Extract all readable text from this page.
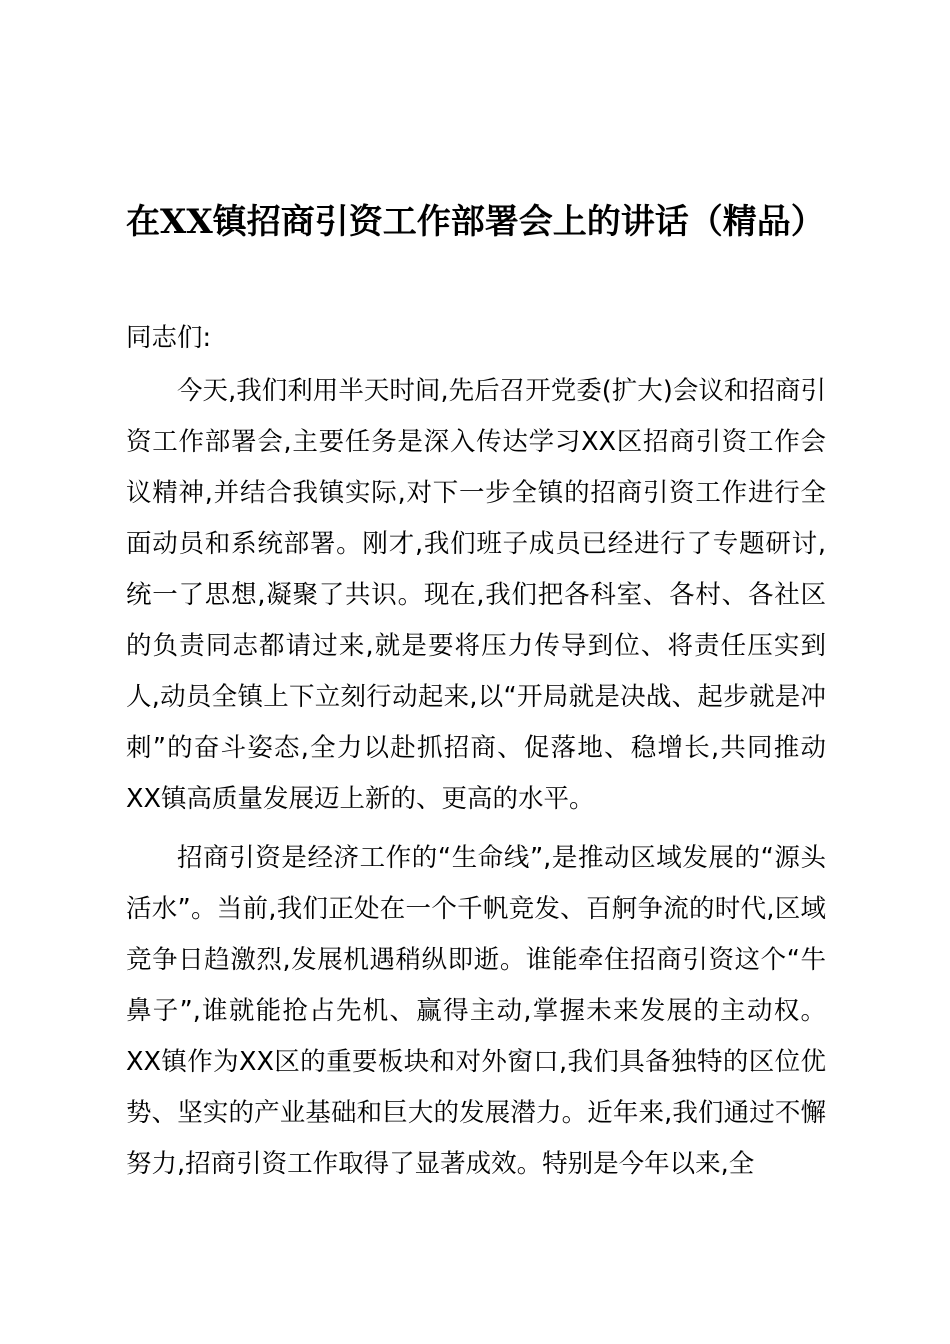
在XX镇招商引资工作部署会上的讲话（精品）

同志们:

今天,我们利用半天时间,先后召开党委(扩大)会议和招商引资工作部署会,主要任务是深入传达学习XX区招商引资工作会议精神,并结合我镇实际,对下一步全镇的招商引资工作进行全面动员和系统部署。刚才,我们班子成员已经进行了专题研讨,统一了思想,凝聚了共识。现在,我们把各科室、各村、各社区的负责同志都请过来,就是要将压力传导到位、将责任压实到人,动员全镇上下立刻行动起来,以“开局就是决战、起步就是冲刺”的奋斗姿态,全力以赴抓招商、促落地、稳增长,共同推动XX镇高质量发展迈上新的、更高的水平。

招商引资是经济工作的“生命线”,是推动区域发展的“源头活水”。当前,我们正处在一个千帆竞发、百舸争流的时代,区域竞争日趋激烈,发展机遇稍纵即逝。谁能牵住招商引资这个“牛鼻子”,谁就能抢占先机、赢得主动,掌握未来发展的主动权。XX镇作为XX区的重要板块和对外窗口,我们具备独特的区位优势、坚实的产业基础和巨大的发展潜力。近年来,我们通过不懈努力,招商引资工作取得了显著成效。特别是今年以来,全
